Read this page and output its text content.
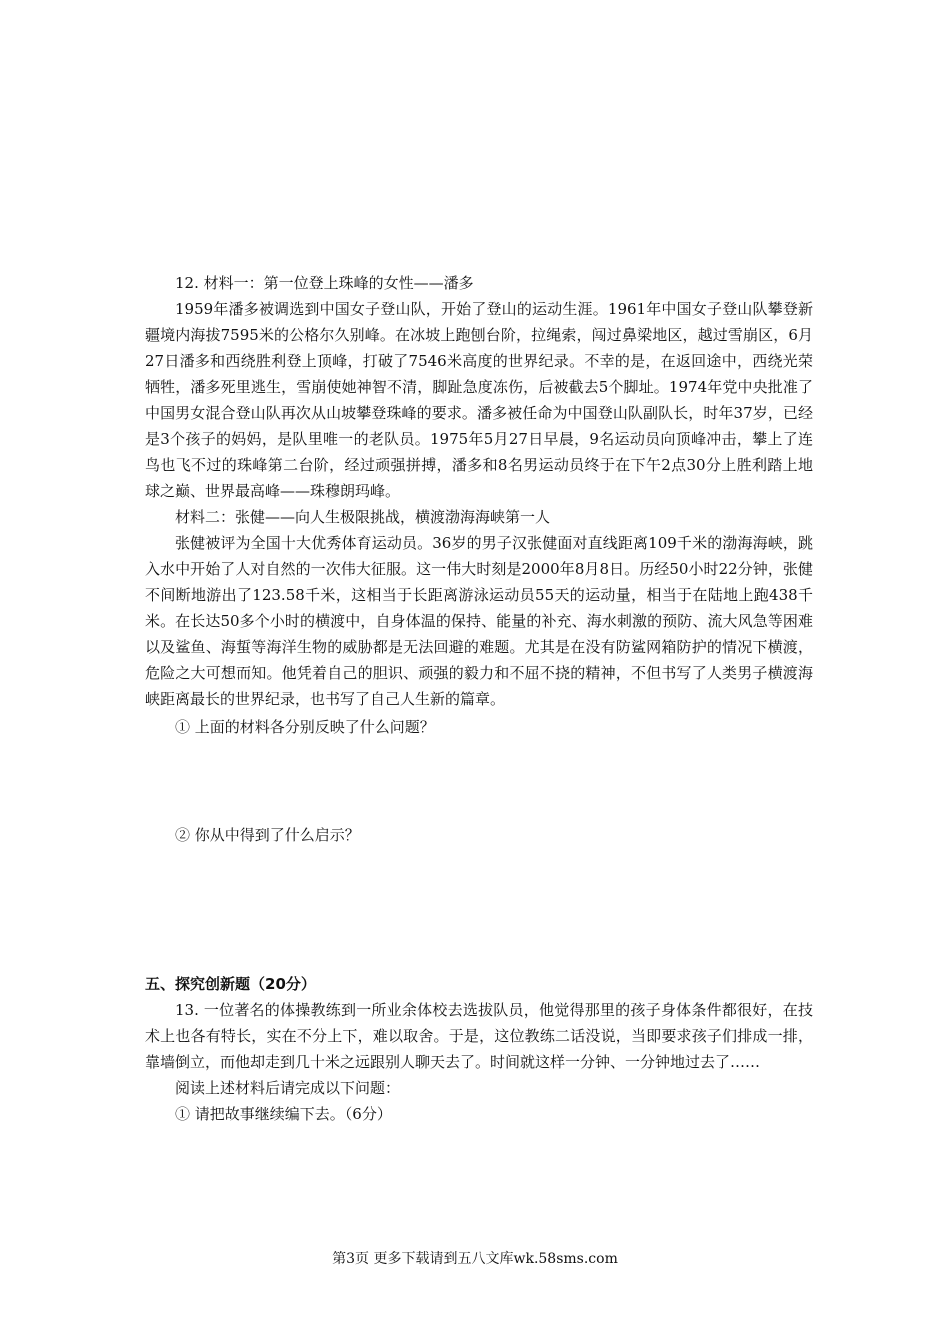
12. 材料一：第一位登上珠峰的女性——潘多
1959年潘多被调选到中国女子登山队，开始了登山的运动生涯。1961年中国女子登山队攀登新疆境内海拔7595米的公格尔久别峰。在冰坡上跑刨台阶，拉绳索，闯过鼻梁地区，越过雪崩区，6月27日潘多和西绕胜利登上顶峰，打破了7546米高度的世界纪录。不幸的是，在返回途中，西绕光荣牺牲，潘多死里逃生，雪崩使她神智不清，脚趾急度冻伤，后被截去5个脚址。1974年党中央批准了中国男女混合登山队再次从山坡攀登珠峰的要求。潘多被任命为中国登山队副队长，时年37岁，已经是3个孩子的妈妈，是队里唯一的老队员。1975年5月27日早晨，9名运动员向顶峰冲击，攀上了连鸟也飞不过的珠峰第二台阶，经过顽强拼搏，潘多和8名男运动员终于在下午2点30分上胜利踏上地球之巅、世界最高峰——珠穆朗玛峰。
材料二：张健——向人生极限挑战，横渡渤海海峡第一人
张健被评为全国十大优秀体育运动员。36岁的男子汉张健面对直线距离109千米的渤海海峡，跳入水中开始了人对自然的一次伟大征服。这一伟大时刻是2000年8月8日。历经50小时22分钟，张健不间断地游出了123.58千米，这相当于长距离游泳运动员55天的运动量，相当于在陆地上跑438千米。在长达50多个小时的横渡中，自身体温的保持、能量的补充、海水刺激的预防、流大风急等困难以及鲨鱼、海蜇等海洋生物的威胁都是无法回避的难题。尤其是在没有防鲨网箱防护的情况下横渡，危险之大可想而知。他凭着自己的胆识、顽强的毅力和不屈不挠的精神，不但书写了人类男子横渡海峡距离最长的世界纪录，也书写了自己人生新的篇章。
① 上面的材料各分别反映了什么问题？
② 你从中得到了什么启示？
五、探究创新题（20分）
13. 一位著名的体操教练到一所业余体校去选拔队员，他觉得那里的孩子身体条件都很好，在技术上也各有特长，实在不分上下，难以取舍。于是，这位教练二话没说，当即要求孩子们排成一排，靠墙倒立，而他却走到几十米之远跟别人聊天去了。时间就这样一分钟、一分钟地过去了……
阅读上述材料后请完成以下问题：
① 请把故事继续编下去。（6分）
第3页 更多下载请到五八文库wk.58sms.com
